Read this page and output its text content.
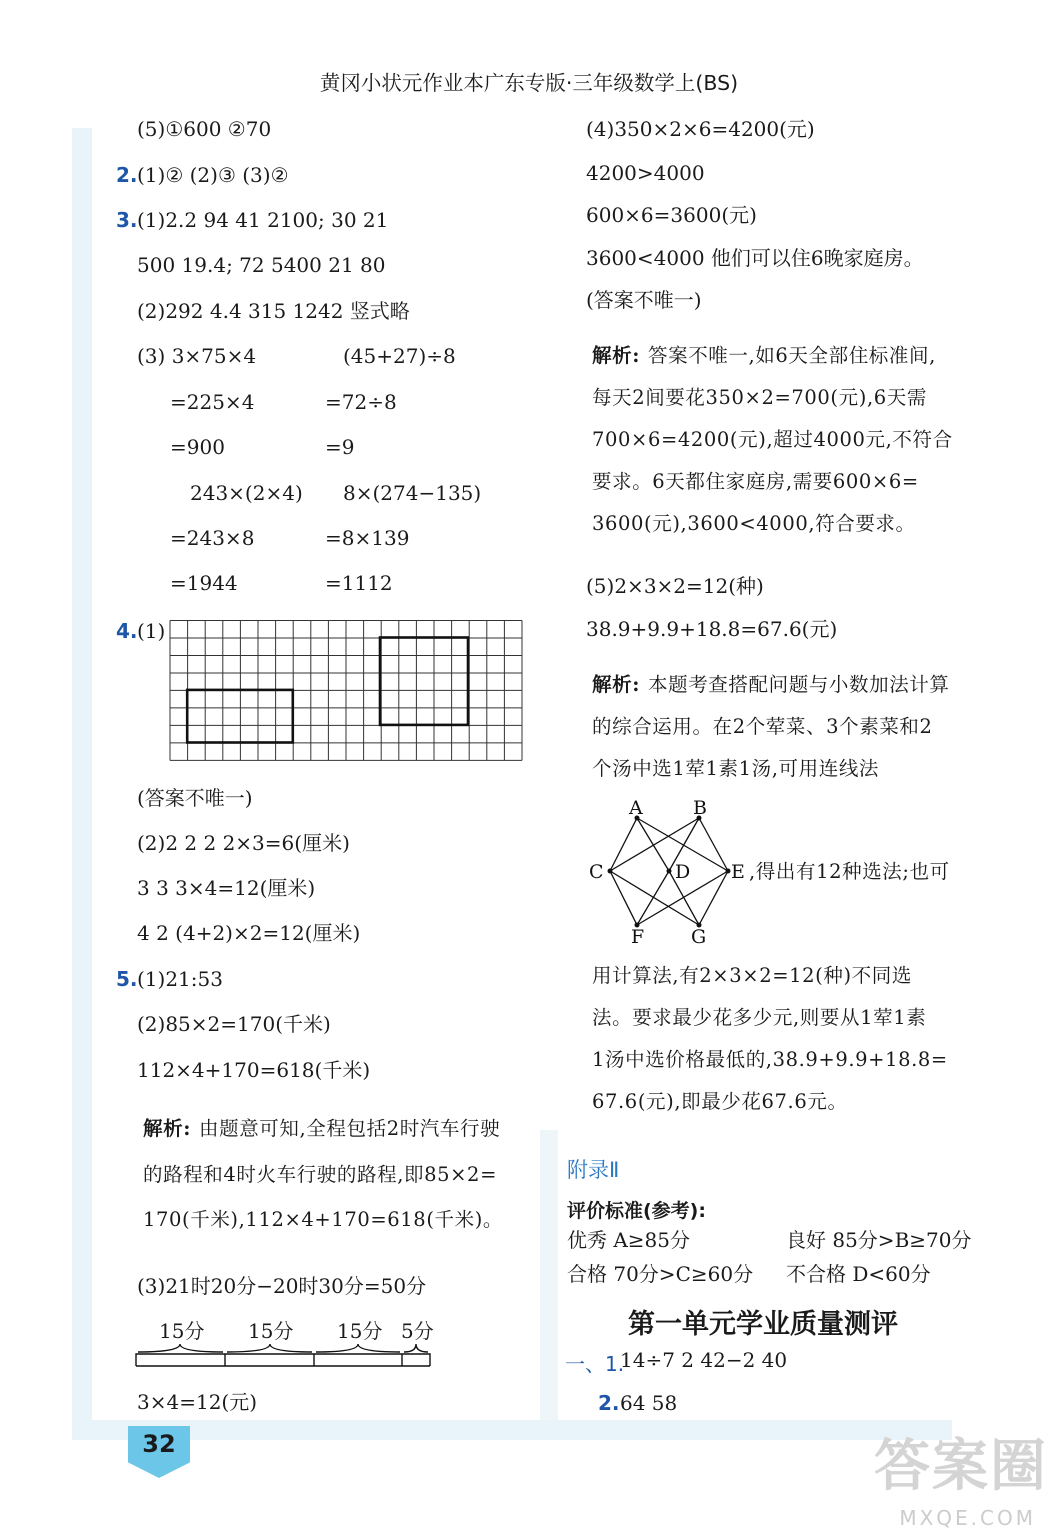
黄冈小状元作业本广东专版·三年级数学上(BS)
(5)①600 ②70
2. (1)② (2)③ (3)②
3. (1)2.2 94 41 2100; 30 21
500 19.4; 72 5400 21 80
(2)292 4.4 315 1242 竖式略
(3) 3×75×4	(45+27)÷8
=225×4	=72÷8
=900	=9
243×(2×4) 8×(274−135)
=243×8	=8×139
=1944	=1112
4. (1)
(答案不唯一)
(2)2 2 2 2×3=6(厘米)
3 3 3×4=12(厘米)
4 2 (4+2)×2=12(厘米)
5. (1)21:53
(2)85×2=170(千米)
112×4+170=618(千米)
解析: 由题意可知,全程包括2时汽车行驶
的路程和4时火车行驶的路程,即85×2=
170(千米),112×4+170=618(千米)。
(3)21时20分−20时30分=50分
15分 15分 15分 5分
3×4=12(元)
(4)350×2×6=4200(元)
4200>4000
600×6=3600(元)
3600<4000 他们可以住6晚家庭房。
(答案不唯一)
解析: 答案不唯一,如6天全部住标准间,
每天2间要花350×2=700(元),6天需
700×6=4200(元),超过4000元,不符合
要求。6天都住家庭房,需要600×6=
3600(元),3600<4000,符合要求。
(5)2×3×2=12(种)
38.9+9.9+18.8=67.6(元)
解析: 本题考查搭配问题与小数加法计算
的综合运用。在2个荤菜、3个素菜和2
个汤中选1荤1素1汤,可用连线法
A	B
C	D E
F G
,得出有12种选法;也可
用计算法,有2×3×2=12(种)不同选
法。要求最少花多少元,则要从1荤1素
1汤中选价格最低的,38.9+9.9+18.8=
67.6(元),即最少花67.6元。
附录Ⅱ
评价标准(参考):
优秀 A≥85分	良好 85分>B≥70分
合格 70分>C≥60分 不合格 D<60分
第一单元学业质量测评
一、1.
14÷7 2 42−2 40
2. 64 58
32	答案圈
MXQE.COM
